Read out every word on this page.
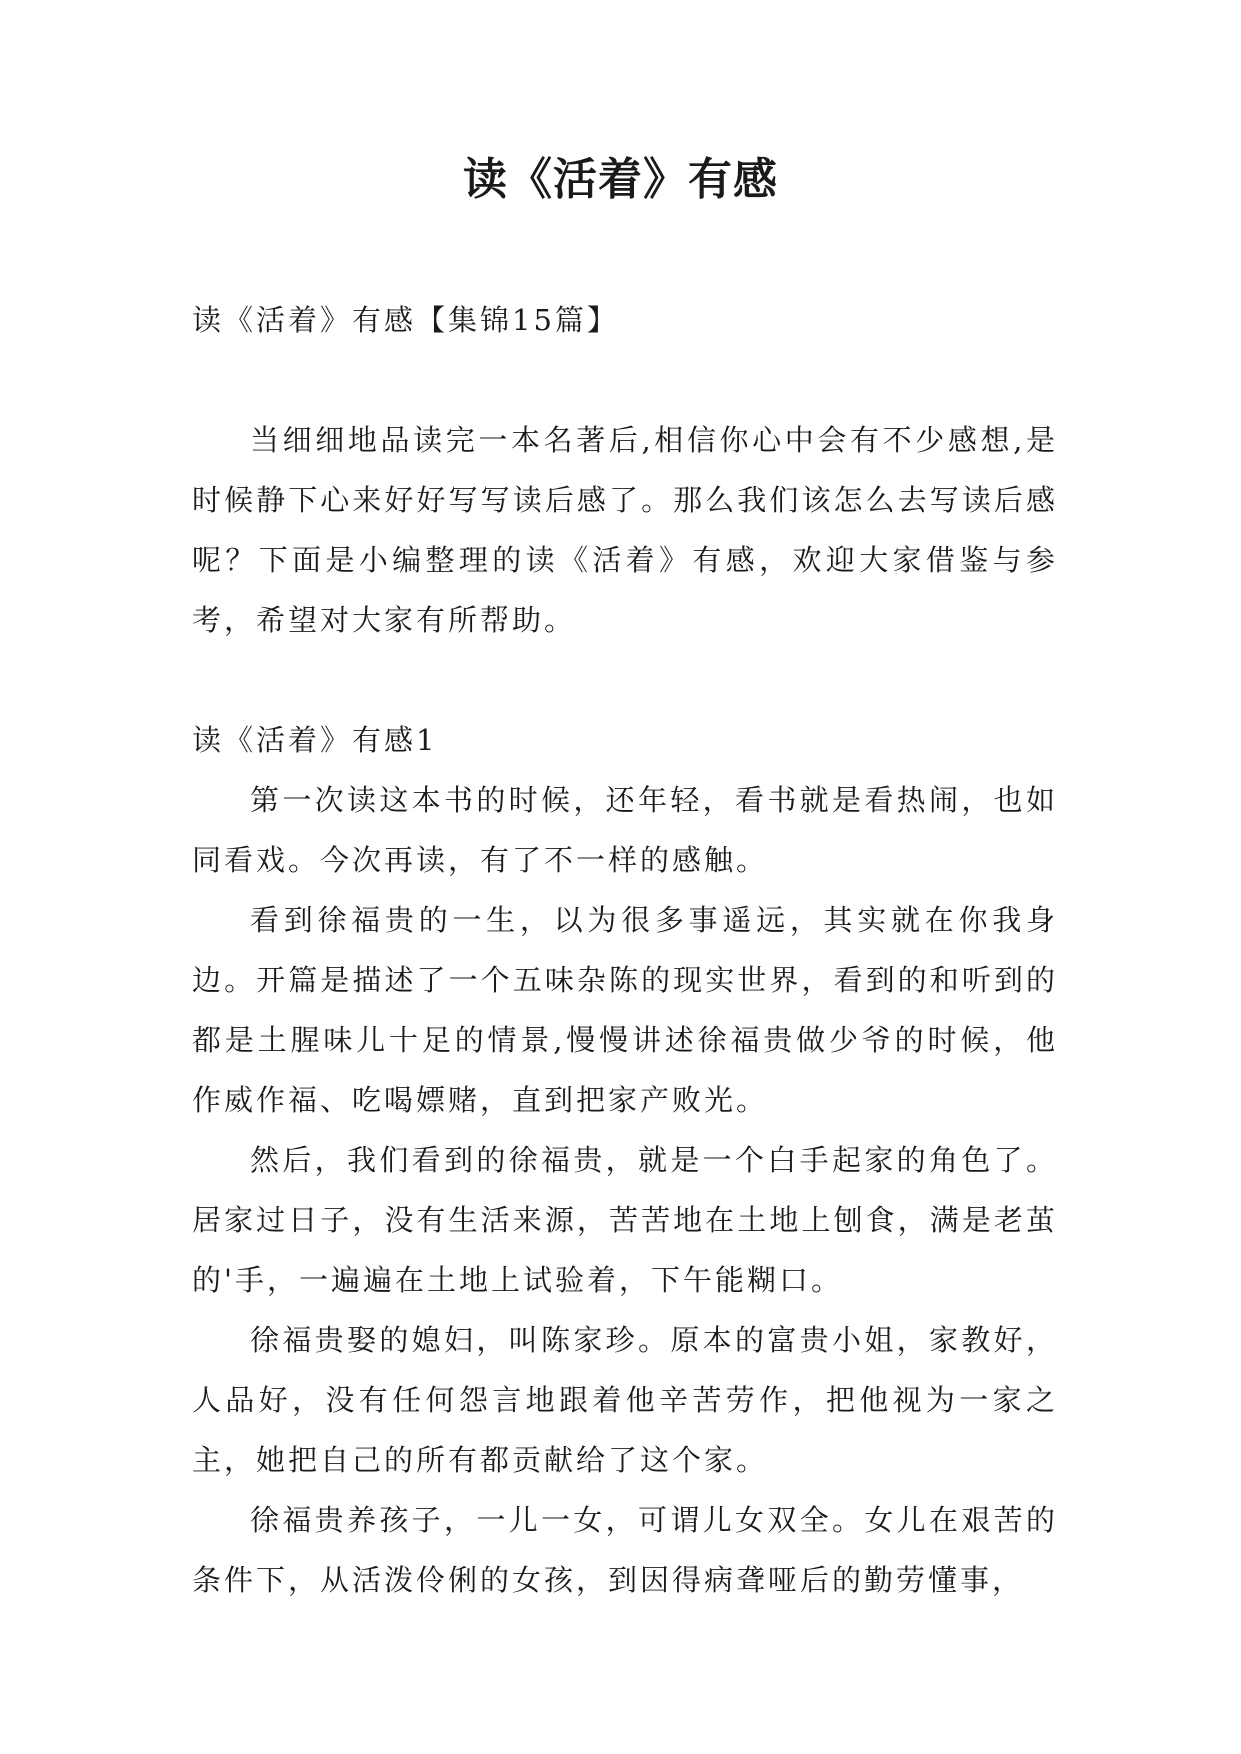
读《活着》有感

读《活着》有感【集锦15篇】

当细细地品读完一本名著后,相信你心中会有不少感想,是时候静下心来好好写写读后感了。那么我们该怎么去写读后感呢？下面是小编整理的读《活着》有感，欢迎大家借鉴与参考，希望对大家有所帮助。

读《活着》有感1

第一次读这本书的时候，还年轻，看书就是看热闹，也如同看戏。今次再读，有了不一样的感触。

看到徐福贵的一生，以为很多事遥远，其实就在你我身边。开篇是描述了一个五味杂陈的现实世界，看到的和听到的都是土腥味儿十足的情景,慢慢讲述徐福贵做少爷的时候，他作威作福、吃喝嫖赌，直到把家产败光。

然后，我们看到的徐福贵，就是一个白手起家的角色了。居家过日子，没有生活来源，苦苦地在土地上刨食，满是老茧的'手，一遍遍在土地上试验着，下午能糊口。

徐福贵娶的媳妇，叫陈家珍。原本的富贵小姐，家教好，人品好，没有任何怨言地跟着他辛苦劳作，把他视为一家之主，她把自己的所有都贡献给了这个家。

徐福贵养孩子，一儿一女，可谓儿女双全。女儿在艰苦的条件下，从活泼伶俐的女孩，到因得病聋哑后的勤劳懂事，
